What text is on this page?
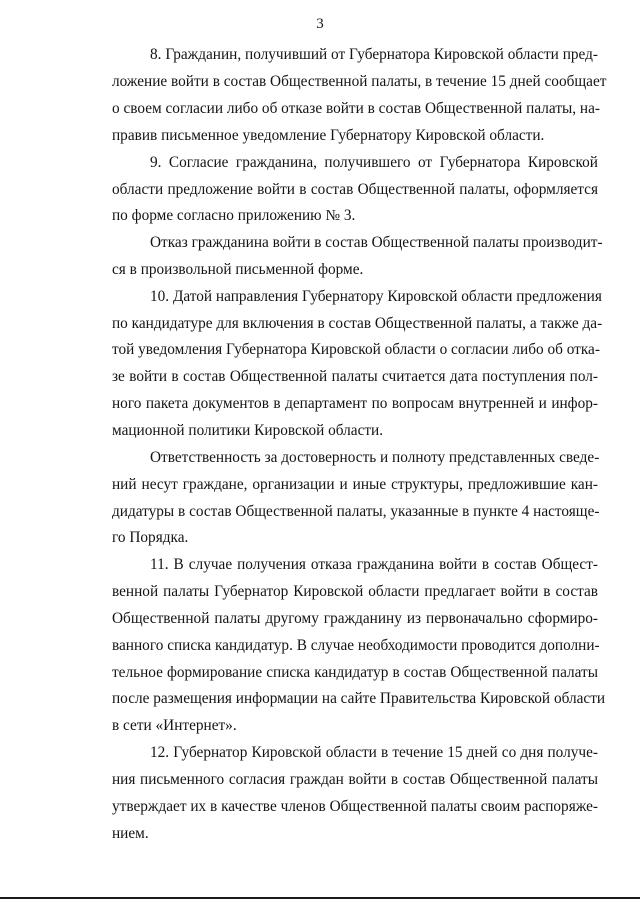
3
8. Гражданин, получивший от Губернатора Кировской области пред-
ложение войти в состав Общественной палаты, в течение 15 дней сообщает
о своем согласии либо об отказе войти в состав Общественной палаты, на-
правив письменное уведомление Губернатору Кировской области.
9. Согласие гражданина, получившего от Губернатора Кировской
области предложение войти в состав Общественной палаты, оформляется
по форме согласно приложению № 3.
Отказ гражданина войти в состав Общественной палаты производит-
ся в произвольной письменной форме.
10. Датой направления Губернатору Кировской области предложения
по кандидатуре для включения в состав Общественной палаты, а также да-
той уведомления Губернатора Кировской области о согласии либо об отка-
зе войти в состав Общественной палаты считается дата поступления пол-
ного пакета документов в департамент по вопросам внутренней и инфор-
мационной политики Кировской области.
Ответственность за достоверность и полноту представленных сведе-
ний несут граждане, организации и иные структуры, предложившие кан-
дидатуры в состав Общественной палаты, указанные в пункте 4 настояще-
го Порядка.
11. В случае получения отказа гражданина войти в состав Общест-
венной палаты Губернатор Кировской области предлагает войти в состав
Общественной палаты другому гражданину из первоначально сформиро-
ванного списка кандидатур. В случае необходимости проводится дополни-
тельное формирование списка кандидатур в состав Общественной палаты
после размещения информации на сайте Правительства Кировской области
в сети «Интернет».
12. Губернатор Кировской области в течение 15 дней со дня получе-
ния письменного согласия граждан войти в состав Общественной палаты
утверждает их в качестве членов Общественной палаты своим распоряже-
нием.
